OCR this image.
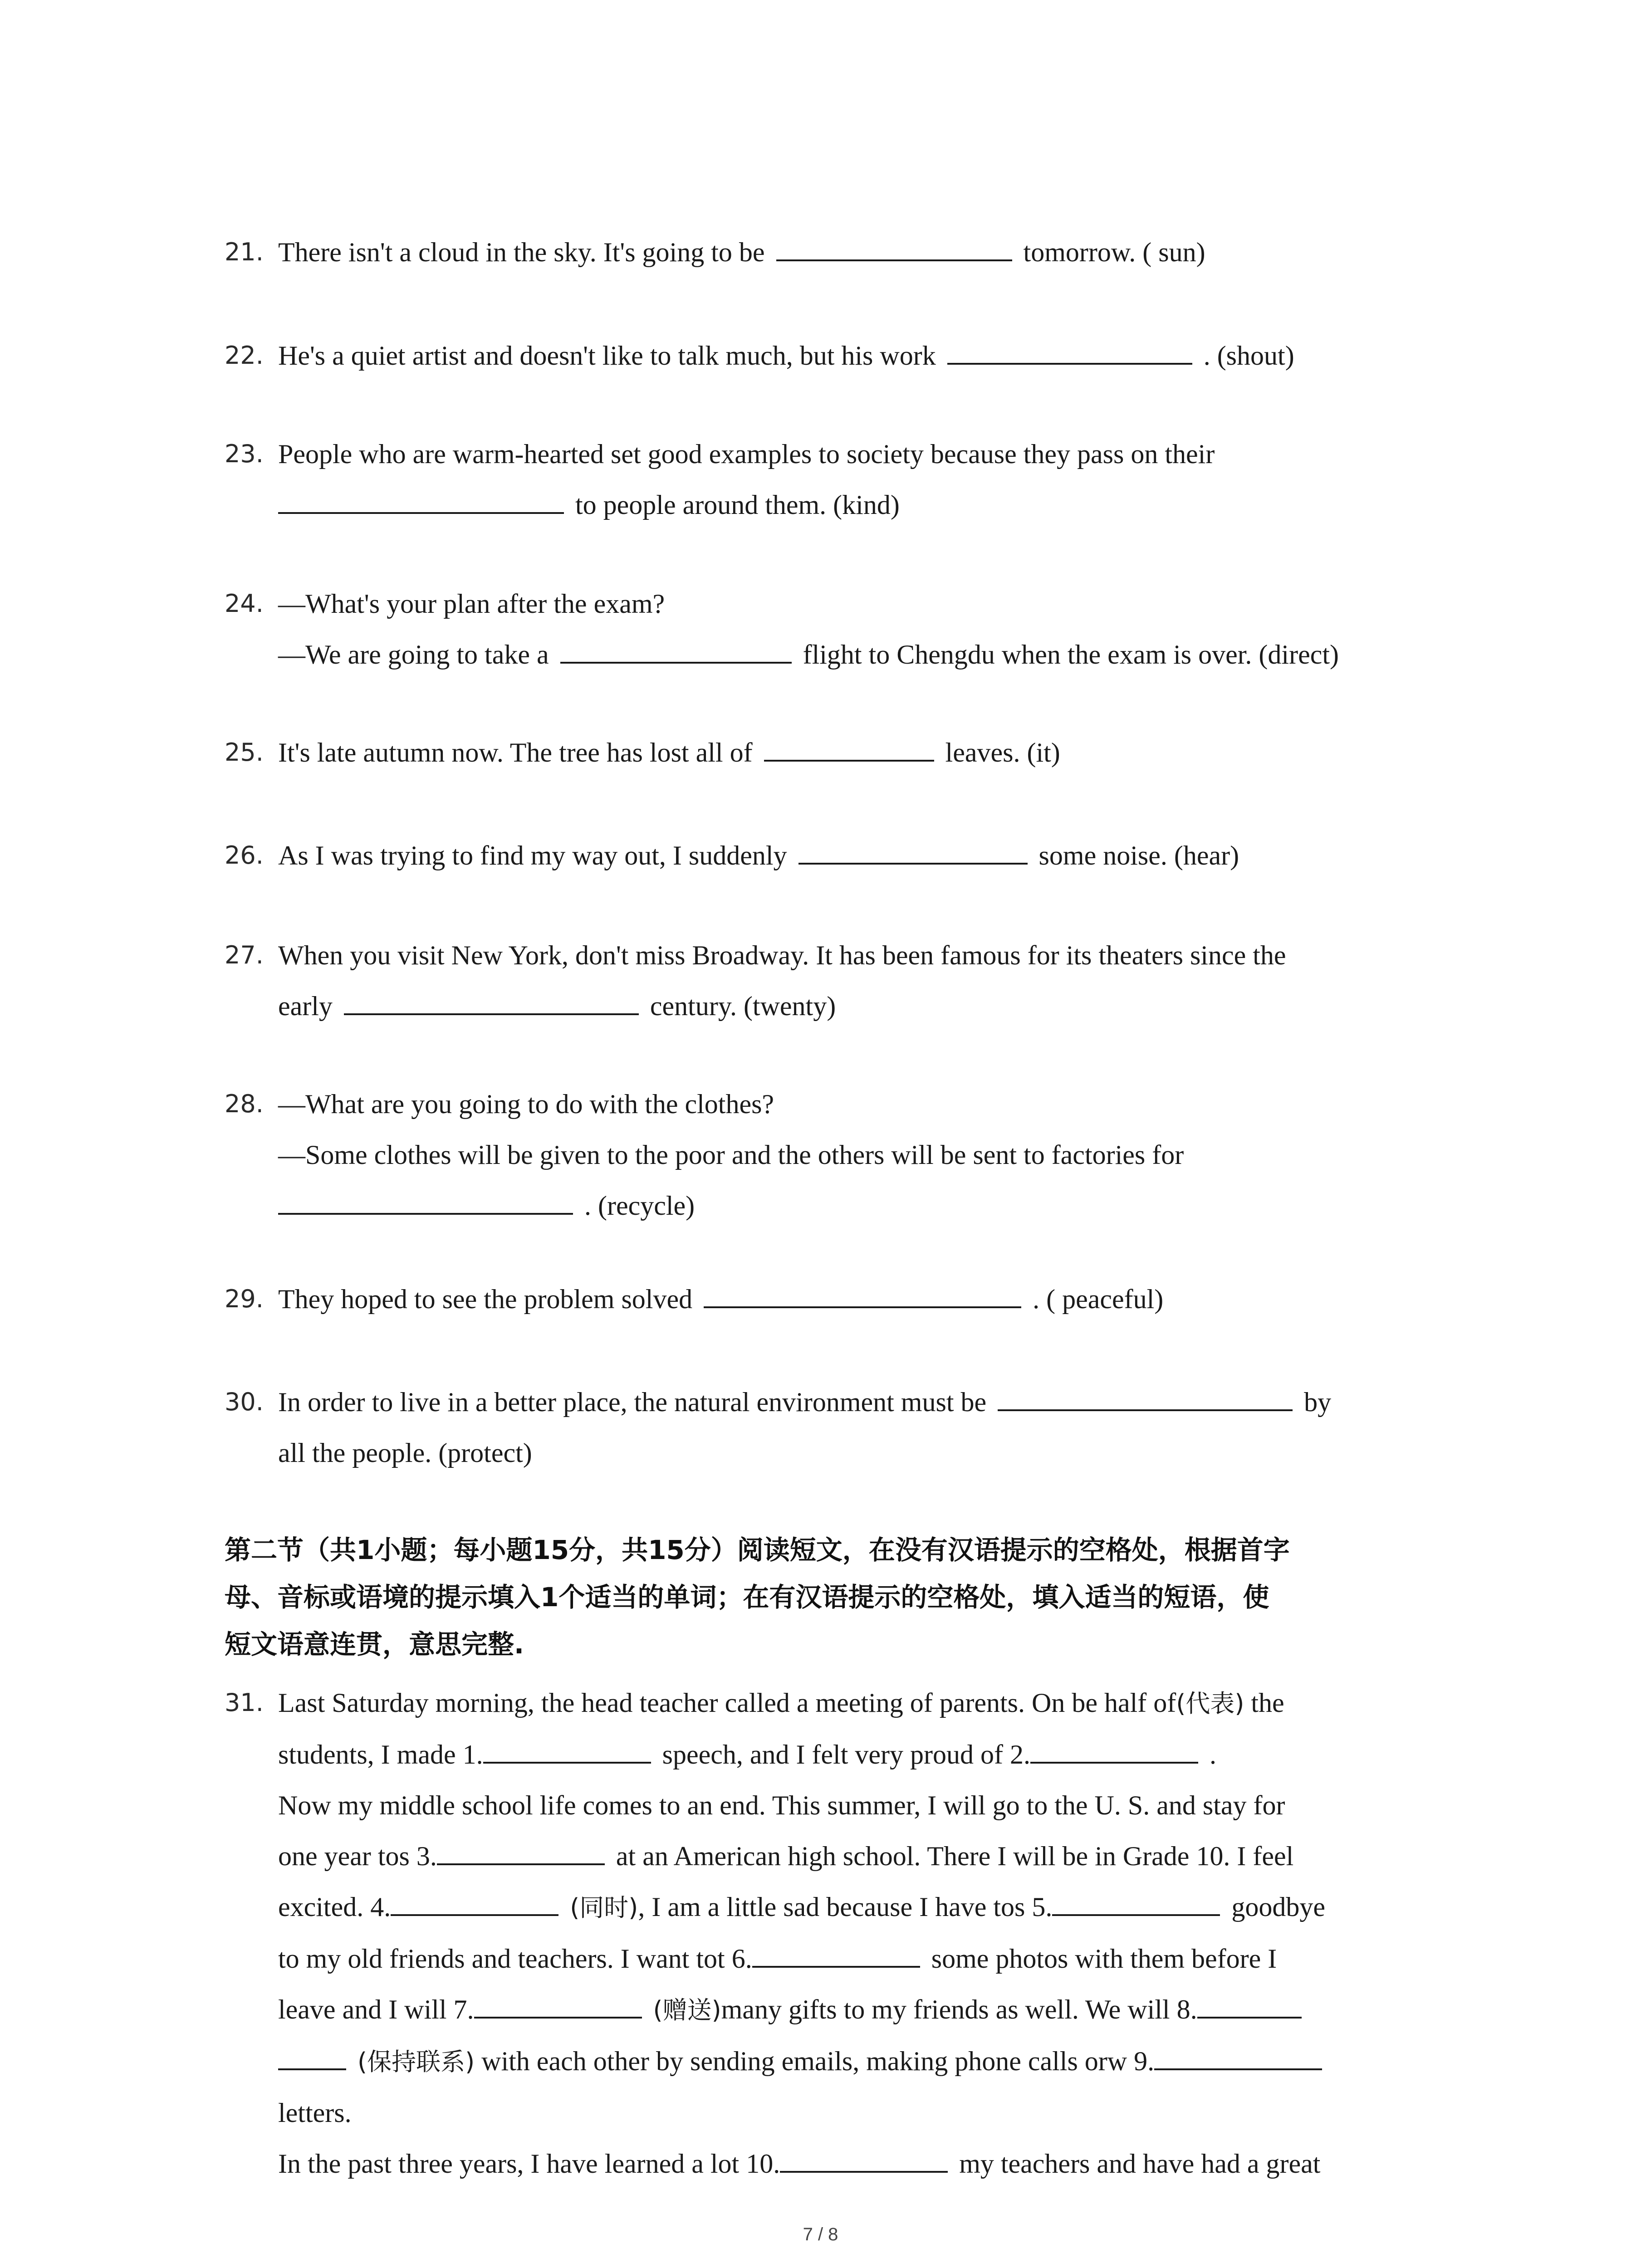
21. There isn't a cloud in the sky. It's going to be	tomorrow. ( sun)
22. He's a quiet artist and doesn't like to talk much, but his work	. (shout)
23. People who are warm-hearted set good examples to society because they pass on their
to people around them. (kind)
24. —What's your plan after the exam?
—We are going to take a	flight to Chengdu when the exam is over. (direct)
25. It's late autumn now. The tree has lost all of	leaves. (it)
26. As I was trying to find my way out, I suddenly	some noise. (hear)
27. When you visit New York, don't miss Broadway. It has been famous for its theaters since the
early	century. (twenty)
28. —What are you going to do with the clothes?
—Some clothes will be given to the poor and the others will be sent to factories for
. (recycle)
29. They hoped to see the problem solved	. ( peaceful)
30. In order to live in a better place, the natural environment must be	by
all the people. (protect)
第二节（共1小题；每小题15分，共15分）阅读短文，在没有汉语提示的空格处，根据首字
母、音标或语境的提示填入1个适当的单词；在有汉语提示的空格处，填入适当的短语，使
短文语意连贯，意思完整.
31. Last Saturday morning, the head teacher called a meeting of parents. On be half of(代表) the
students, I made 1.	speech, and I felt very proud of 2.	.
Now my middle school life comes to an end. This summer, I will go to the U. S. and stay for
one year tos 3.	at an American high school. There I will be in Grade 10. I feel
excited. 4.	(同时), I am a little sad because I have tos 5.	goodbye
to my old friends and teachers. I want tot 6.	some photos with them before I
leave and I will 7.	(赠送)many gifts to my friends as well. We will 8.
(保持联系) with each other by sending emails, making phone calls orw 9.
letters.
In the past three years, I have learned a lot 10.	my teachers and have had a great
7 / 8
